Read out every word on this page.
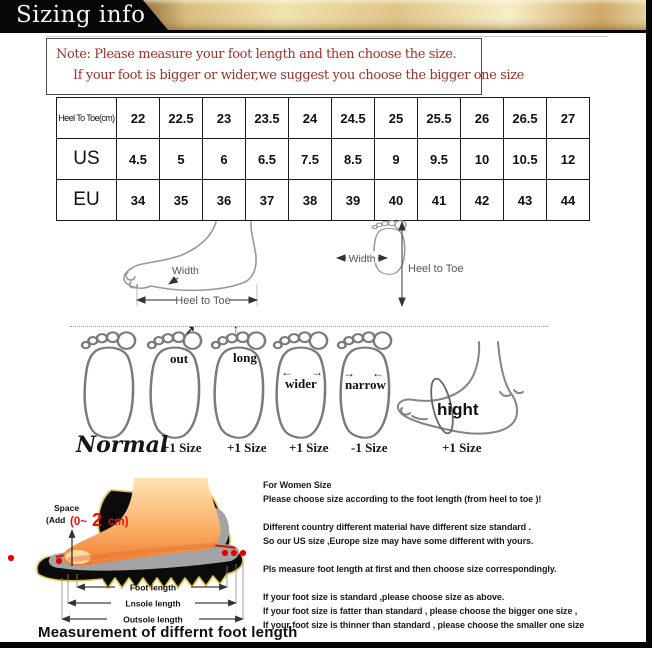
Sizing info
Note: Please measure your foot length and then choose the size.
If your foot is bigger or wider,we suggest you choose the bigger one size
Heel To Toe(cm)	22	22.5	23	23.5	24	24.5	25	25.5	26	26.5	27
US	4.5	5	6	6.5	7.5	8.5	9	9.5	10	10.5	12
EU	34	35	36	37	38	39	40	41	42	43	44
Width
Heel to Toe
Width
Heel to Toe
↗
out
↑
long
← →
wider
→ ←
narrow
hight
Normal
+1 Size +1 Size +1 Size -1 Size	+1 Size
Space
(Add (0~ 2 cm)
Foot length
Lnsole length
Outsole length
Measurement of differnt foot length

For Women Size

Please choose size according to the foot length (from heel to toe )!

Different country different material have different size standard .

So our US size ,Europe size may have some different with yours.

Pls measure foot length at first and then choose size correspondingly.

If your foot size is standard ,please choose size as above.

If your foot size is fatter than standard , please choose the bigger one size ,

If your foot size is thinner than standard , please choose the smaller one size
